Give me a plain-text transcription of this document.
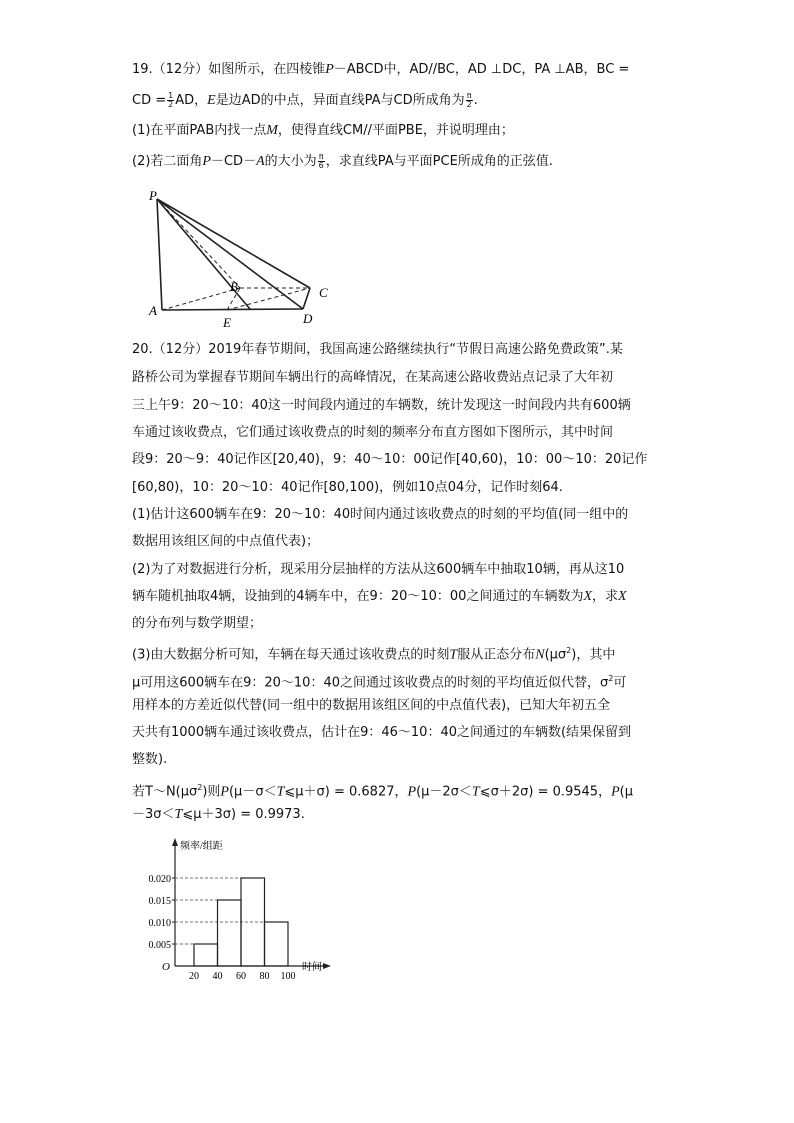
19.（12分）如图所示，在四棱锥P－ABCD中，AD//BC，AD ⊥DC，PA ⊥AB，BC =
CD = $\frac{1}{2}$ AD，E是边AD的中点，异面直线PA与CD所成角为 $\frac{\pi}{2}$ .
(1)在平面PAB内找一点M，使得直线CM//平面PBE，并说明理由；
(2)若二面角P－CD－A的大小为 $\frac{\pi}{6}$ ，求直线PA与平面PCE所成角的正弦值.
P
A
B	C
D
E
20.（12分）2019年春节期间，我国高速公路继续执行“节假日高速公路免费政策”.某
路桥公司为掌握春节期间车辆出行的高峰情况，在某高速公路收费站点记录了大年初
三上午9：20～10：40这一时间段内通过的车辆数，统计发现这一时间段内共有600辆
车通过该收费点，它们通过该收费点的时刻的频率分布直方图如下图所示，其中时间
段9：20～9：40记作区[20,40)，9：40～10：00记作[40,60)，10：00～10：20记作
[60,80)，10：20～10：40记作[80,100)，例如10点04分，记作时刻64.
(1)估计这600辆车在9：20～10：40时间内通过该收费点的时刻的平均值(同一组中的
数据用该组区间的中点值代表)；
(2)为了对数据进行分析，现采用分层抽样的方法从这600辆车中抽取10辆，再从这10
辆车随机抽取4辆，设抽到的4辆车中，在9：20～10：00之间通过的车辆数为X，求X
的分布列与数学期望；
(3)由大数据分析可知，车辆在每天通过该收费点的时刻T服从正态分布$N(\mu\sigma^2)$，其中
μ可用这600辆车在9：20～10：40之间通过该收费点的时刻的平均值近似代替，$\sigma^2$可
用样本的方差近似代替(同一组中的数据用该组区间的中点值代表)，已知大年初五全
天共有1000辆车通过该收费点，估计在9：46～10：40之间通过的车辆数(结果保留到
整数).
若$T\sim N(\mu\sigma^2)$则P(μ－σ＜T⩽μ＋σ) = 0.6827，P(μ－2σ＜T⩽σ＋2σ) = 0.9545，P(μ
－3σ＜T⩽μ＋3σ) = 0.9973.
频率/组距
时间
O
0.005
0.010
0.015
0.020
20 40 60 80 100
